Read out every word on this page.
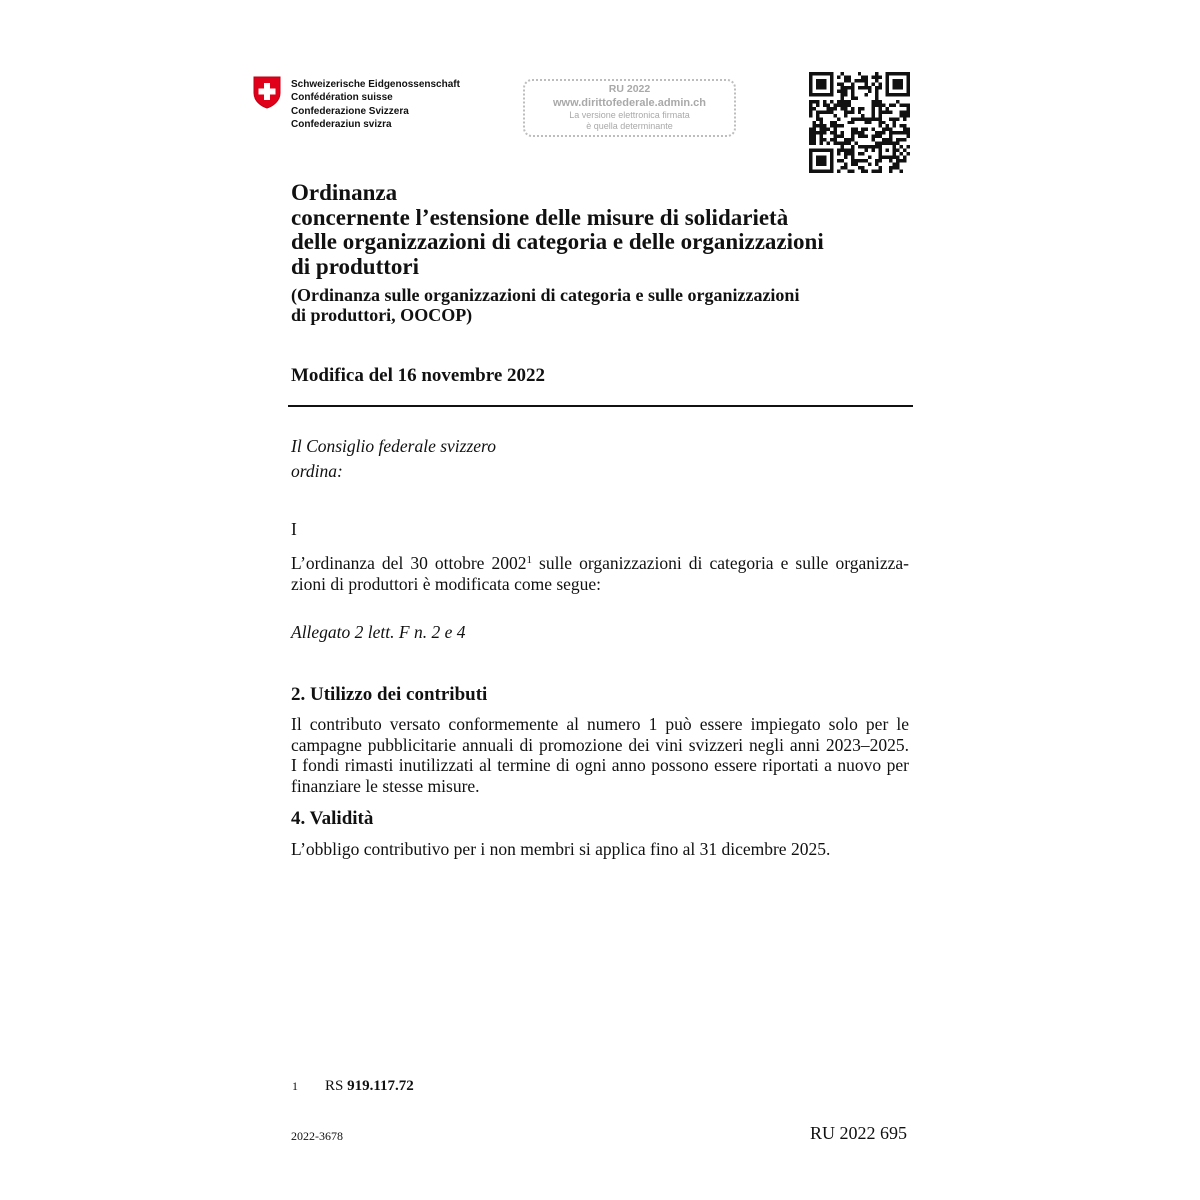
Schweizerische Eidgenossenschaft
Confédération suisse
Confederazione Svizzera
Confederaziun svizra
RU 2022
www.dirittofederale.admin.ch
La versione elettronica firmata
è quella determinante
Ordinanza
concernente l’estensione delle misure di solidarietà
delle organizzazioni di categoria e delle organizzazioni
di produttori
(Ordinanza sulle organizzazioni di categoria e sulle organizzazioni
di produttori, OOCOP)
Modifica del 16 novembre 2022
Il Consiglio federale svizzero
ordina:
I
L’ordinanza del 30 ottobre 2002$^1$ sulle organizzazioni di categoria e sulle organizza-
zioni di produttori è modificata come segue:
Allegato 2 lett. F n. 2 e 4
2. Utilizzo dei contributi
Il contributo versato conformemente al numero 1 può essere impiegato solo per le
campagne pubblicitarie annuali di promozione dei vini svizzeri negli anni 2023–2025.
I fondi rimasti inutilizzati al termine di ogni anno possono essere riportati a nuovo per
finanziare le stesse misure.
4. Validità
L’obbligo contributivo per i non membri si applica fino al 31 dicembre 2025.
1 RS 919.117.72
2022-3678	RU 2022 695
